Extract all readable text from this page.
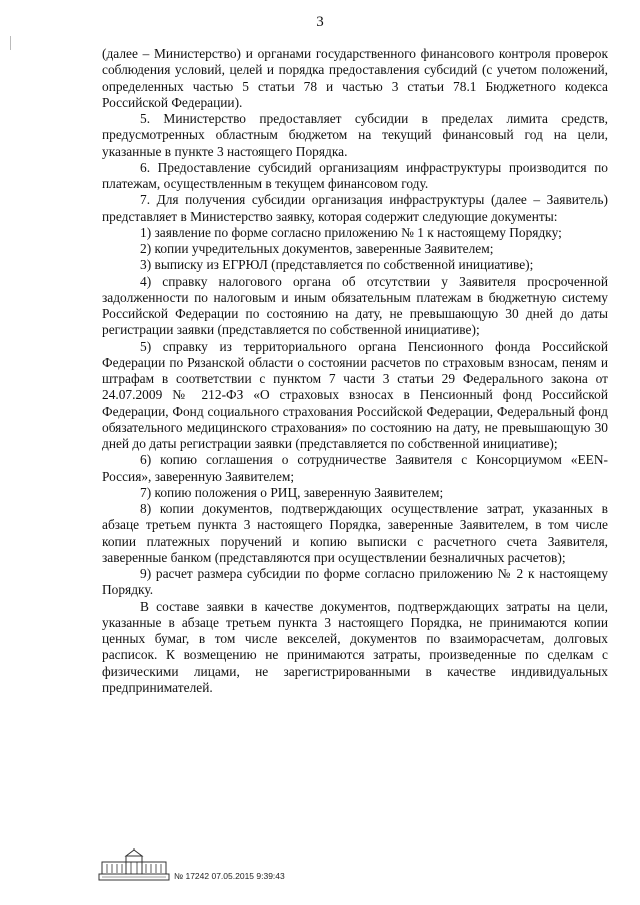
3

(далее – Министерство) и органами государственного финансового контроля проверок соблюдения условий, целей и порядка предоставления субсидий (с учетом положений, определенных частью 5 статьи 78 и частью 3 статьи 78.1 Бюджетного кодекса Российской Федерации).

5. Министерство предоставляет субсидии в пределах лимита средств, предусмотренных областным бюджетом на текущий финансовый год на цели, указанные в пункте 3 настоящего Порядка.

6. Предоставление субсидий организациям инфраструктуры производится по платежам, осуществленным в текущем финансовом году.

7. Для получения субсидии организация инфраструктуры (далее – Заявитель) представляет в Министерство заявку, которая содержит следующие документы:

1) заявление по форме согласно приложению № 1 к настоящему Порядку;

2) копии учредительных документов, заверенные Заявителем;

3) выписку из ЕГРЮЛ (представляется по собственной инициативе);

4) справку налогового органа об отсутствии у Заявителя просроченной задолженности по налоговым и иным обязательным платежам в бюджетную систему Российской Федерации по состоянию на дату, не превышающую 30 дней до даты регистрации заявки (представляется по собственной инициативе);

5) справку из территориального органа Пенсионного фонда Российской Федерации по Рязанской области о состоянии расчетов по страховым взносам, пеням и штрафам в соответствии с пунктом 7 части 3 статьи 29 Федерального закона от 24.07.2009 № 212-ФЗ «О страховых взносах в Пенсионный фонд Российской Федерации, Фонд социального страхования Российской Федерации, Федеральный фонд обязательного медицинского страхования» по состоянию на дату, не превышающую 30 дней до даты регистрации заявки (представляется по собственной инициативе);

6) копию соглашения о сотрудничестве Заявителя с Консорциумом «EEN-Россия», заверенную Заявителем;

7) копию положения о РИЦ, заверенную Заявителем;

8) копии документов, подтверждающих осуществление затрат, указанных в абзаце третьем пункта 3 настоящего Порядка, заверенные Заявителем, в том числе копии платежных поручений и копию выписки с расчетного счета Заявителя, заверенные банком (представляются при осуществлении безналичных расчетов);

9) расчет размера субсидии по форме согласно приложению № 2 к настоящему Порядку.

В составе заявки в качестве документов, подтверждающих затраты на цели, указанные в абзаце третьем пункта 3 настоящего Порядка, не принимаются копии ценных бумаг, в том числе векселей, документов по взаиморасчетам, долговых расписок. К возмещению не принимаются затраты, произведенные по сделкам с физическими лицами, не зарегистрированными в качестве индивидуальных предпринимателей.

№ 17242 07.05.2015 9:39:43
